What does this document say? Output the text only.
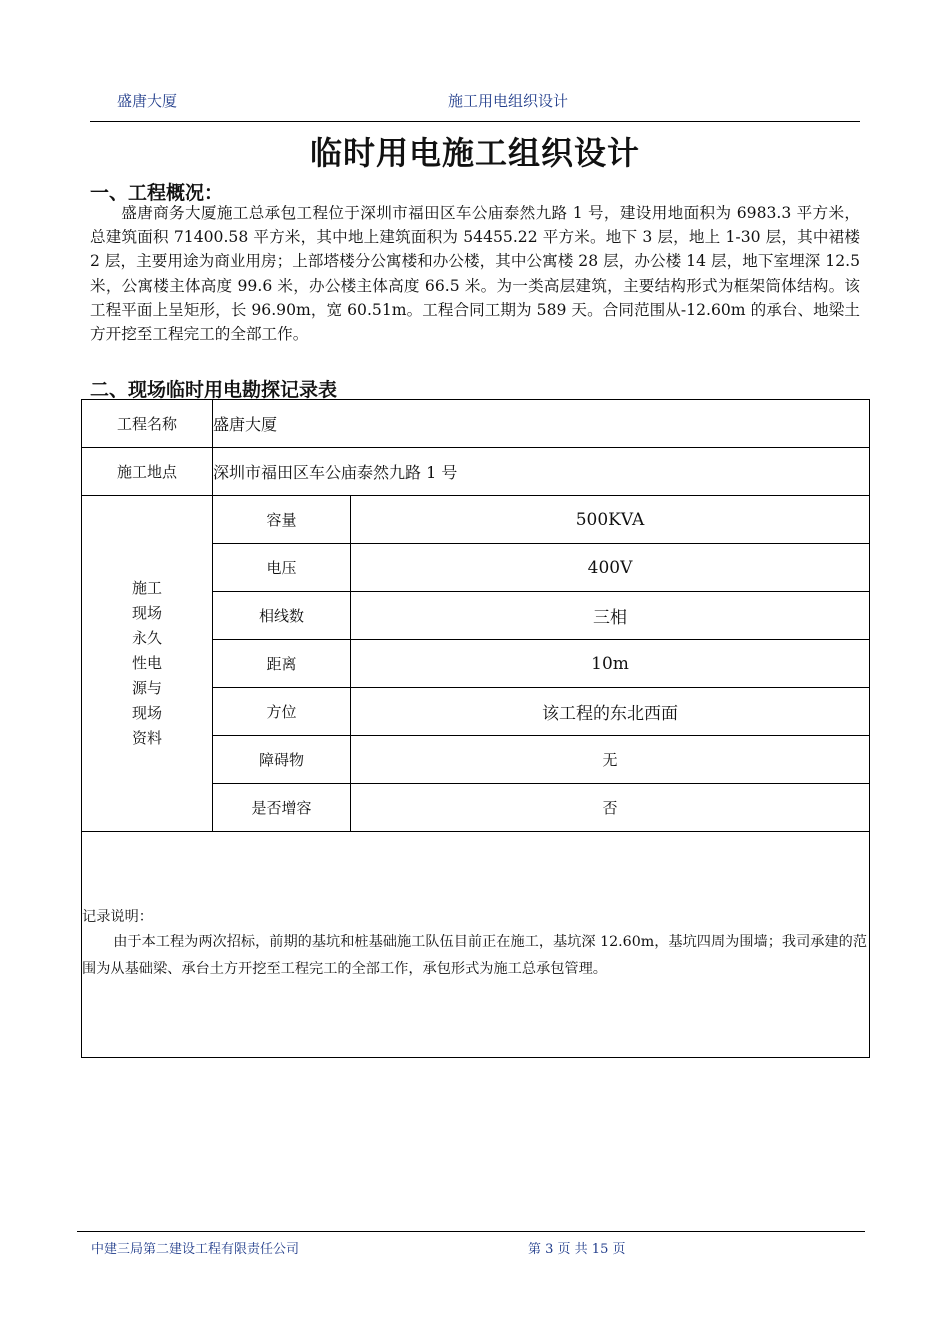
盛唐大厦	施工用电组织设计
临时用电施工组织设计
一、工程概况：

盛唐商务大厦施工总承包工程位于深圳市福田区车公庙泰然九路 1 号，建设用地面积为 6983.3 平方米，总建筑面积 71400.58 平方米，其中地上建筑面积为 54455.22 平方米。地下 3 层，地上 1-30 层，其中裙楼 2 层，主要用途为商业用房；上部塔楼分公寓楼和办公楼，其中公寓楼 28 层，办公楼 14 层，地下室埋深 12.5 米，公寓楼主体高度 99.6 米，办公楼主体高度 66.5 米。为一类高层建筑，主要结构形式为框架筒体结构。该工程平面上呈矩形，长 96.90m，宽 60.51m。工程合同工期为 589 天。合同范围从-12.60m 的承台、地梁土方开挖至工程完工的全部工作。

二、现场临时用电勘探记录表
工程名称	盛唐大厦	
施工地点	深圳市福田区车公庙泰然九路 1 号	
施工现场永久性电源与现场资料	容量	500KVA
	电压	400V
	相线数	三相
	距离	10m
	方位	该工程的东北西面
	障碍物	无
	是否增容	否

记录说明：
由于本工程为两次招标，前期的基坑和桩基础施工队伍目前正在施工，基坑深 12.60m，基坑四周为围墙；我司承建的范围为从基础梁、承台土方开挖至工程完工的全部工作，承包形式为施工总承包管理。		
中建三局第二建设工程有限责任公司	第 3 页 共 15 页
